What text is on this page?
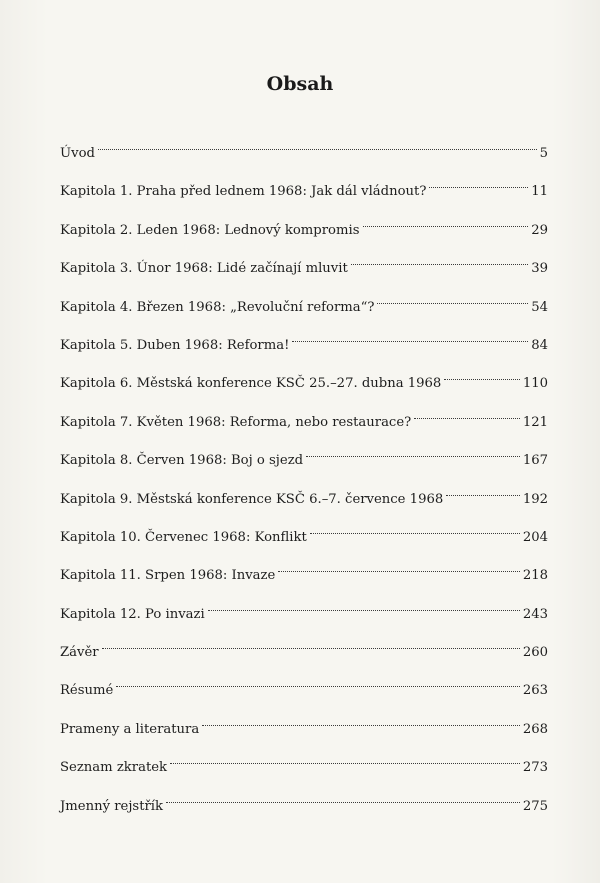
Obsah
Úvod	5
Kapitola 1. Praha před lednem 1968: Jak dál vládnout?	11
Kapitola 2. Leden 1968: Lednový kompromis	29
Kapitola 3. Únor 1968: Lidé začínají mluvit	39
Kapitola 4. Březen 1968: „Revoluční reforma“?	54
Kapitola 5. Duben 1968: Reforma!	84
Kapitola 6. Městská konference KSČ 25.–27. dubna 1968	110
Kapitola 7. Květen 1968: Reforma, nebo restaurace?	121
Kapitola 8. Červen 1968: Boj o sjezd	167
Kapitola 9. Městská konference KSČ 6.–7. července 1968	192
Kapitola 10. Červenec 1968: Konflikt	204
Kapitola 11. Srpen 1968: Invaze	218
Kapitola 12. Po invazi	243
Závěr	260
Résumé	263
Prameny a literatura	268
Seznam zkratek	273
Jmenný rejstřík	275
